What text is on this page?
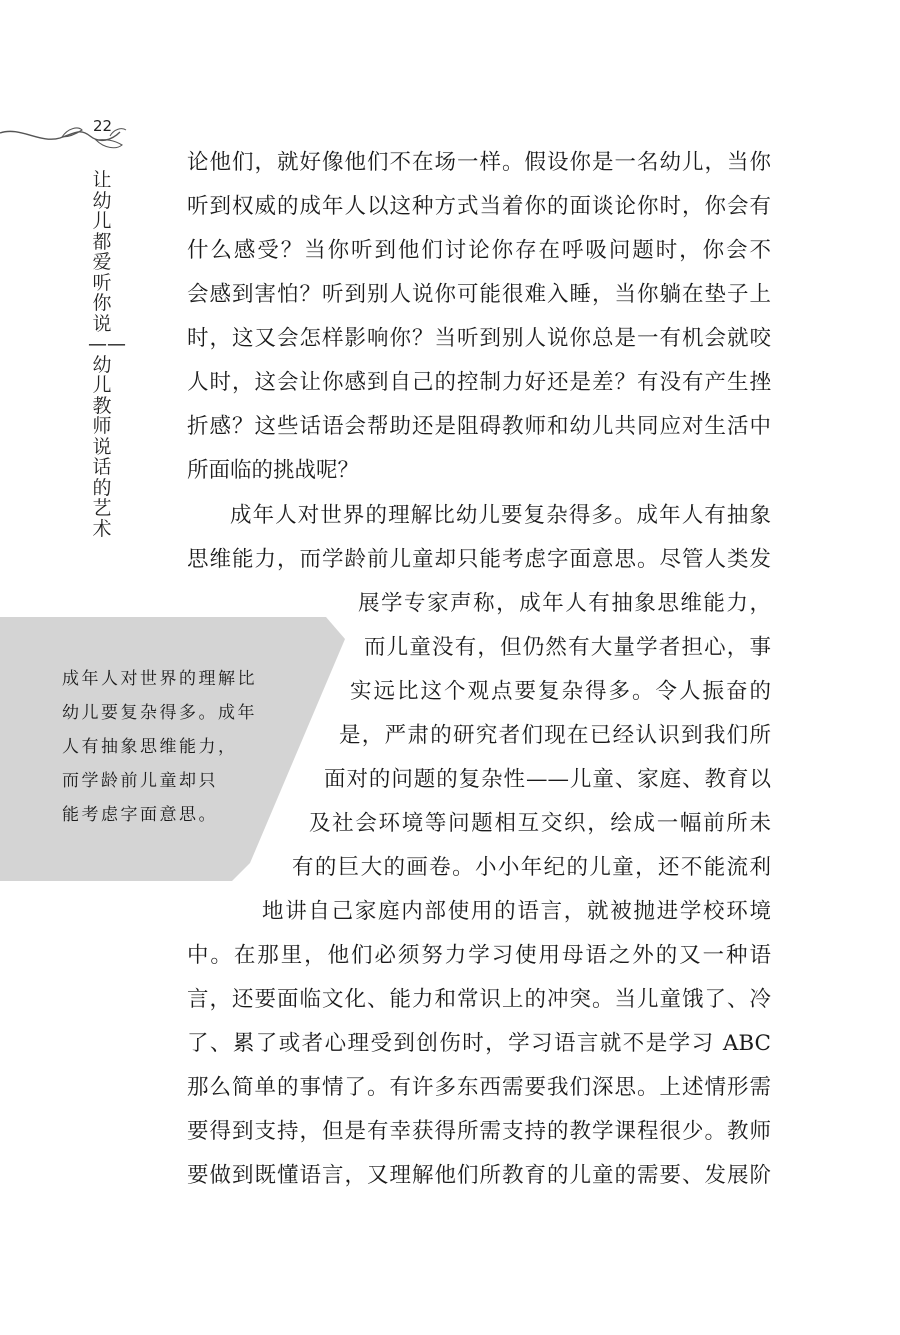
22
让幼儿都爱听你说——幼儿教师说话的艺术
成年人对世界的理解比
幼儿要复杂得多。成年
人有抽象思维能力，
而学龄前儿童却只
能考虑字面意思。
论他们，就好像他们不在场一样。假设你是一名幼儿，当你
听到权威的成年人以这种方式当着你的面谈论你时，你会有
什么感受？当你听到他们讨论你存在呼吸问题时，你会不
会感到害怕？听到别人说你可能很难入睡，当你躺在垫子上
时，这又会怎样影响你？当听到别人说你总是一有机会就咬
人时，这会让你感到自己的控制力好还是差？有没有产生挫
折感？这些话语会帮助还是阻碍教师和幼儿共同应对生活中
所面临的挑战呢？
成年人对世界的理解比幼儿要复杂得多。成年人有抽象
思维能力，而学龄前儿童却只能考虑字面意思。尽管人类发
展学专家声称，成年人有抽象思维能力，
而儿童没有，但仍然有大量学者担心，事
实远比这个观点要复杂得多。令人振奋的
是，严肃的研究者们现在已经认识到我们所
面对的问题的复杂性——儿童、家庭、教育以
及社会环境等问题相互交织，绘成一幅前所未
有的巨大的画卷。小小年纪的儿童，还不能流利
地讲自己家庭内部使用的语言，就被抛进学校环境
中。在那里，他们必须努力学习使用母语之外的又一种语
言，还要面临文化、能力和常识上的冲突。当儿童饿了、冷
了、累了或者心理受到创伤时，学习语言就不是学习 ABC
那么简单的事情了。有许多东西需要我们深思。上述情形需
要得到支持，但是有幸获得所需支持的教学课程很少。教师
要做到既懂语言，又理解他们所教育的儿童的需要、发展阶
